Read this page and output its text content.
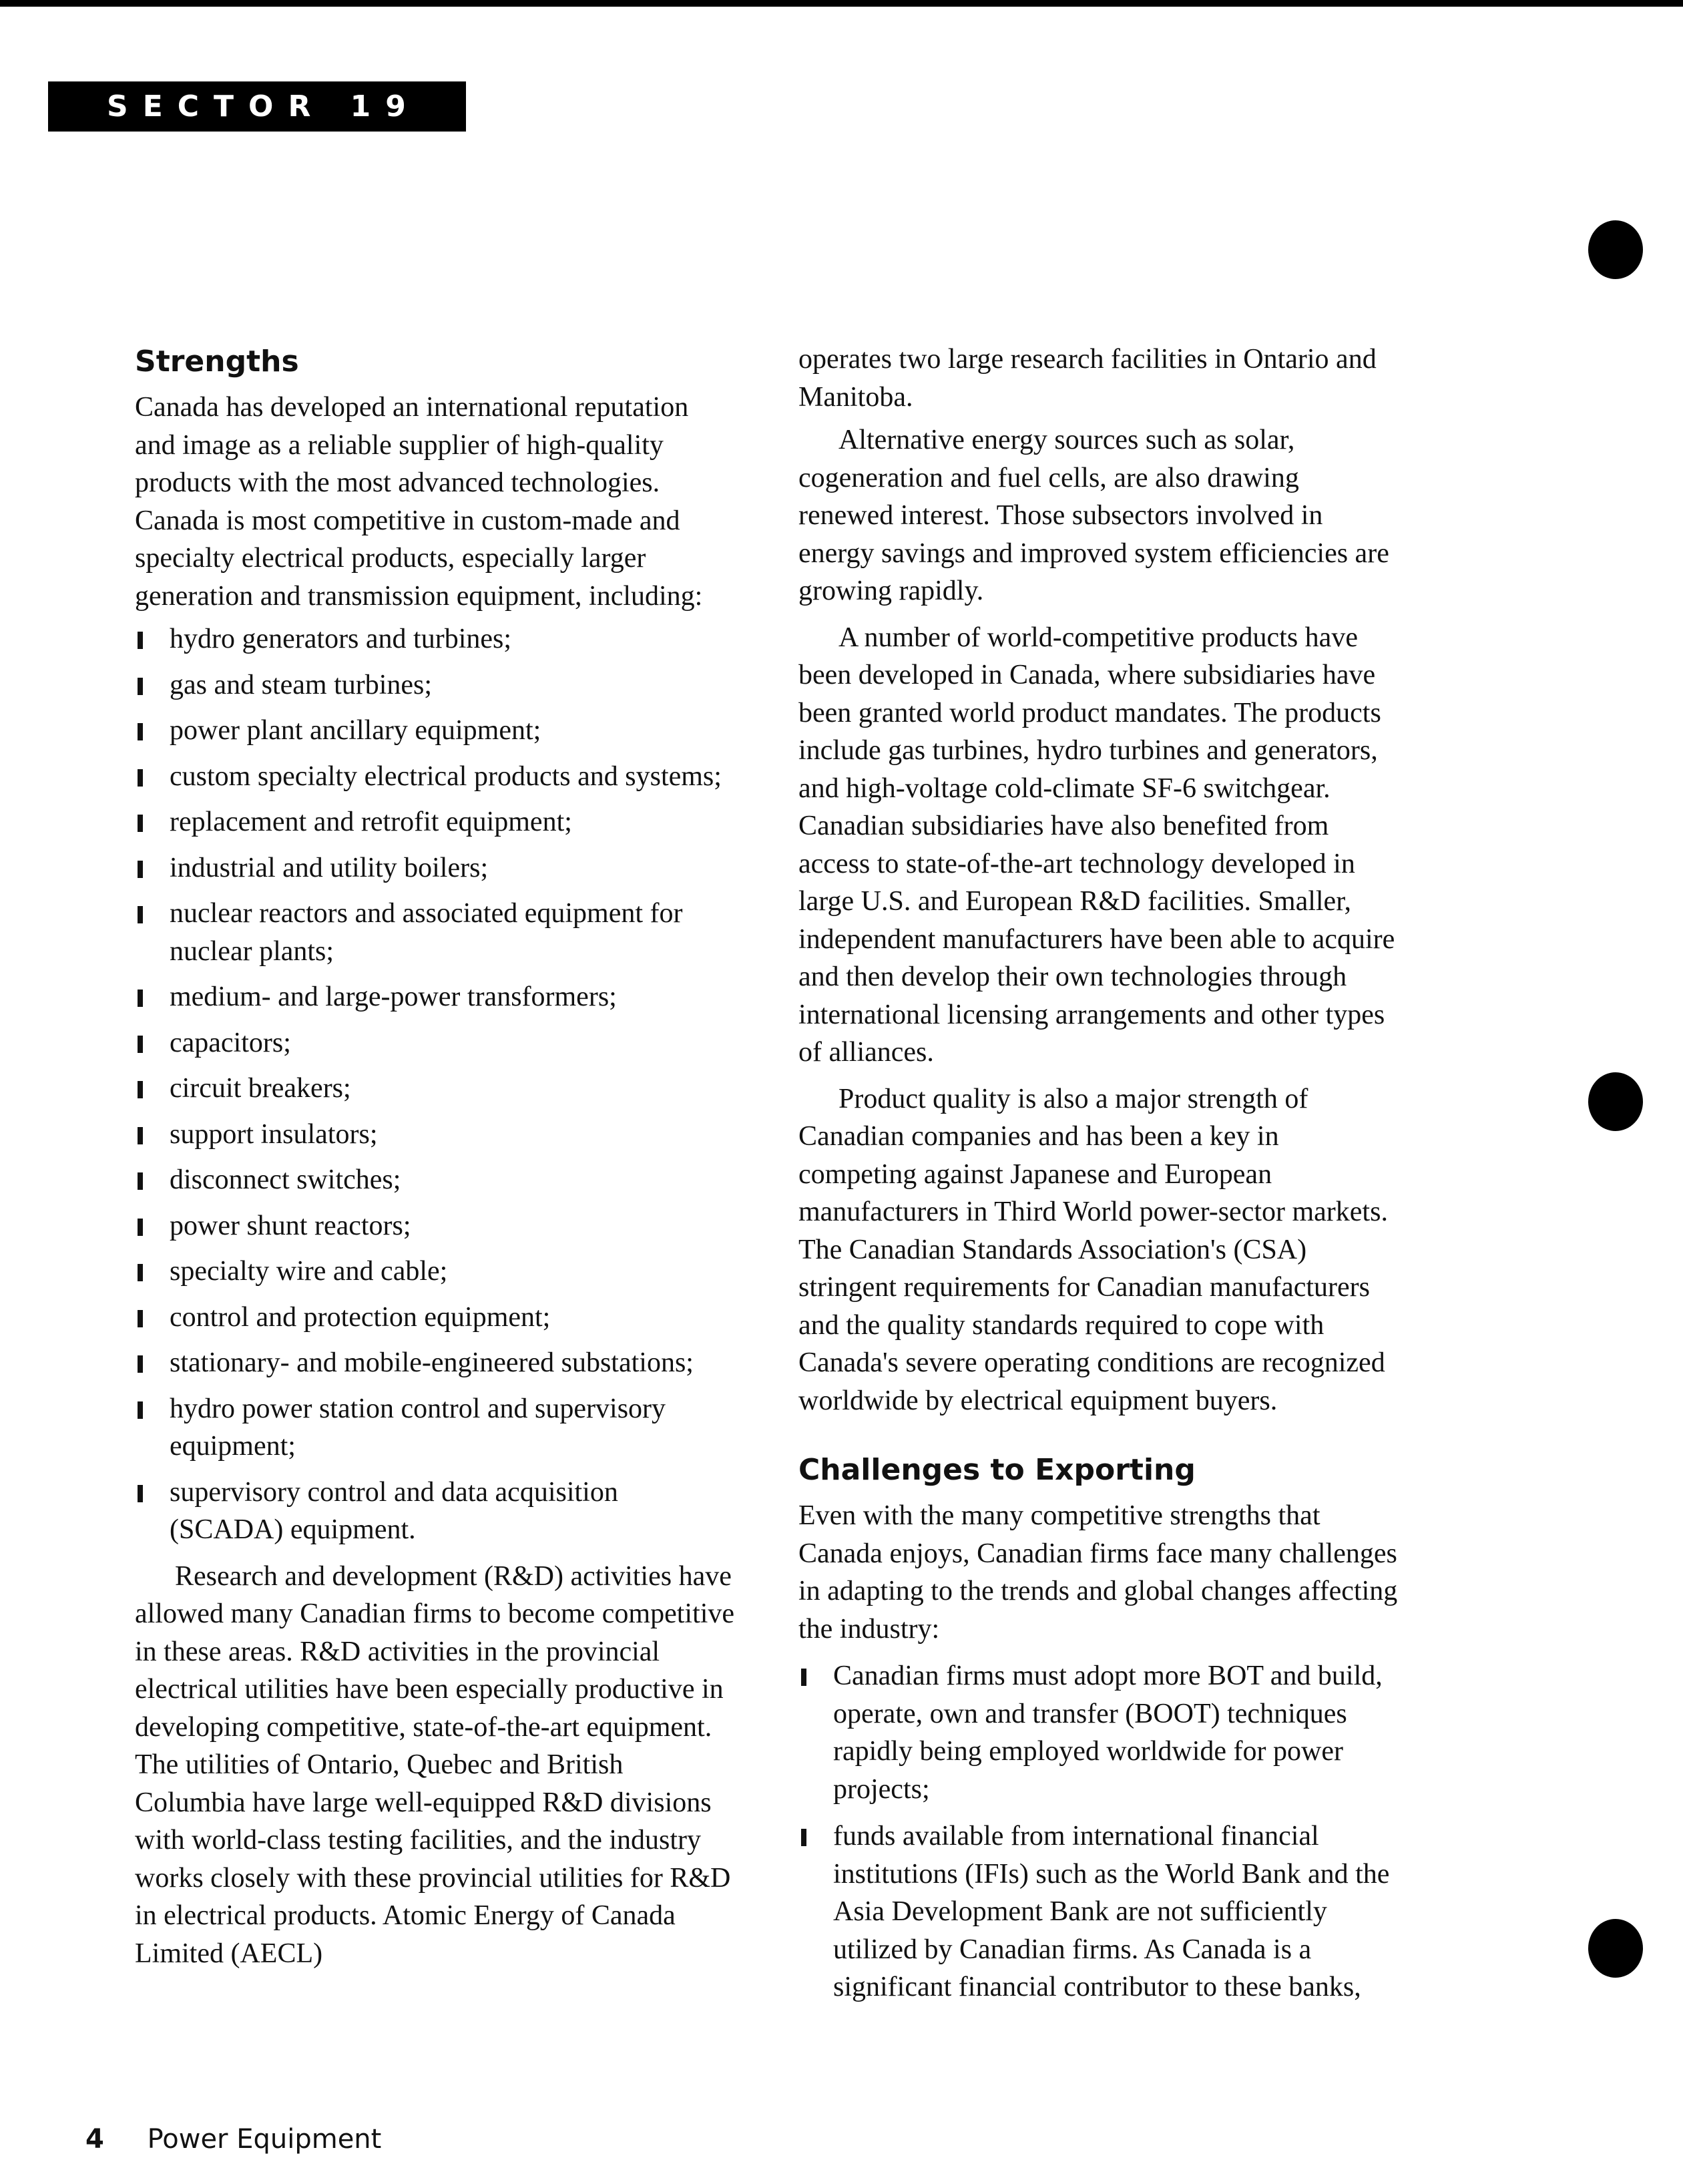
SECTOR 19
Strengths

Canada has developed an international reputation and image as a reliable supplier of high-quality products with the most advanced technologies. Canada is most competitive in custom-made and specialty electrical products, especially larger generation and transmission equipment, including:

hydro generators and turbines;
gas and steam turbines;
power plant ancillary equipment;
custom specialty electrical products and systems;
replacement and retrofit equipment;
industrial and utility boilers;
nuclear reactors and associated equipment for nuclear plants;
medium- and large-power transformers;
capacitors;
circuit breakers;
support insulators;
disconnect switches;
power shunt reactors;
specialty wire and cable;
control and protection equipment;
stationary- and mobile-engineered substations;
hydro power station control and supervisory equipment;
supervisory control and data acquisition (SCADA) equipment.

Research and development (R&D) activities have allowed many Canadian firms to become competitive in these areas. R&D activities in the provincial electrical utilities have been especially productive in developing competitive, state-of-the-art equipment. The utilities of Ontario, Quebec and British Columbia have large well-equipped R&D divisions with world-class testing facilities, and the industry works closely with these provincial utilities for R&D in electrical products. Atomic Energy of Canada Limited (AECL)

operates two large research facilities in Ontario and Manitoba.

Alternative energy sources such as solar, cogeneration and fuel cells, are also drawing renewed interest. Those subsectors involved in energy savings and improved system efficiencies are growing rapidly.

A number of world-competitive products have been developed in Canada, where subsidiaries have been granted world product mandates. The products include gas turbines, hydro turbines and generators, and high-voltage cold-climate SF-6 switchgear. Canadian subsidiaries have also benefited from access to state-of-the-art technology developed in large U.S. and European R&D facilities. Smaller, independent manufacturers have been able to acquire and then develop their own technologies through international licensing arrangements and other types of alliances.

Product quality is also a major strength of Canadian companies and has been a key in competing against Japanese and European manufacturers in Third World power-sector markets. The Canadian Standards Association's (CSA) stringent requirements for Canadian manufacturers and the quality standards required to cope with Canada's severe operating conditions are recognized worldwide by electrical equipment buyers.

Challenges to Exporting

Even with the many competitive strengths that Canada enjoys, Canadian firms face many challenges in adapting to the trends and global changes affecting the industry:

Canadian firms must adopt more BOT and build, operate, own and transfer (BOOT) techniques rapidly being employed worldwide for power projects;
funds available from international financial institutions (IFIs) such as the World Bank and the Asia Development Bank are not sufficiently utilized by Canadian firms. As Canada is a significant financial contributor to these banks,
4 Power Equipment
